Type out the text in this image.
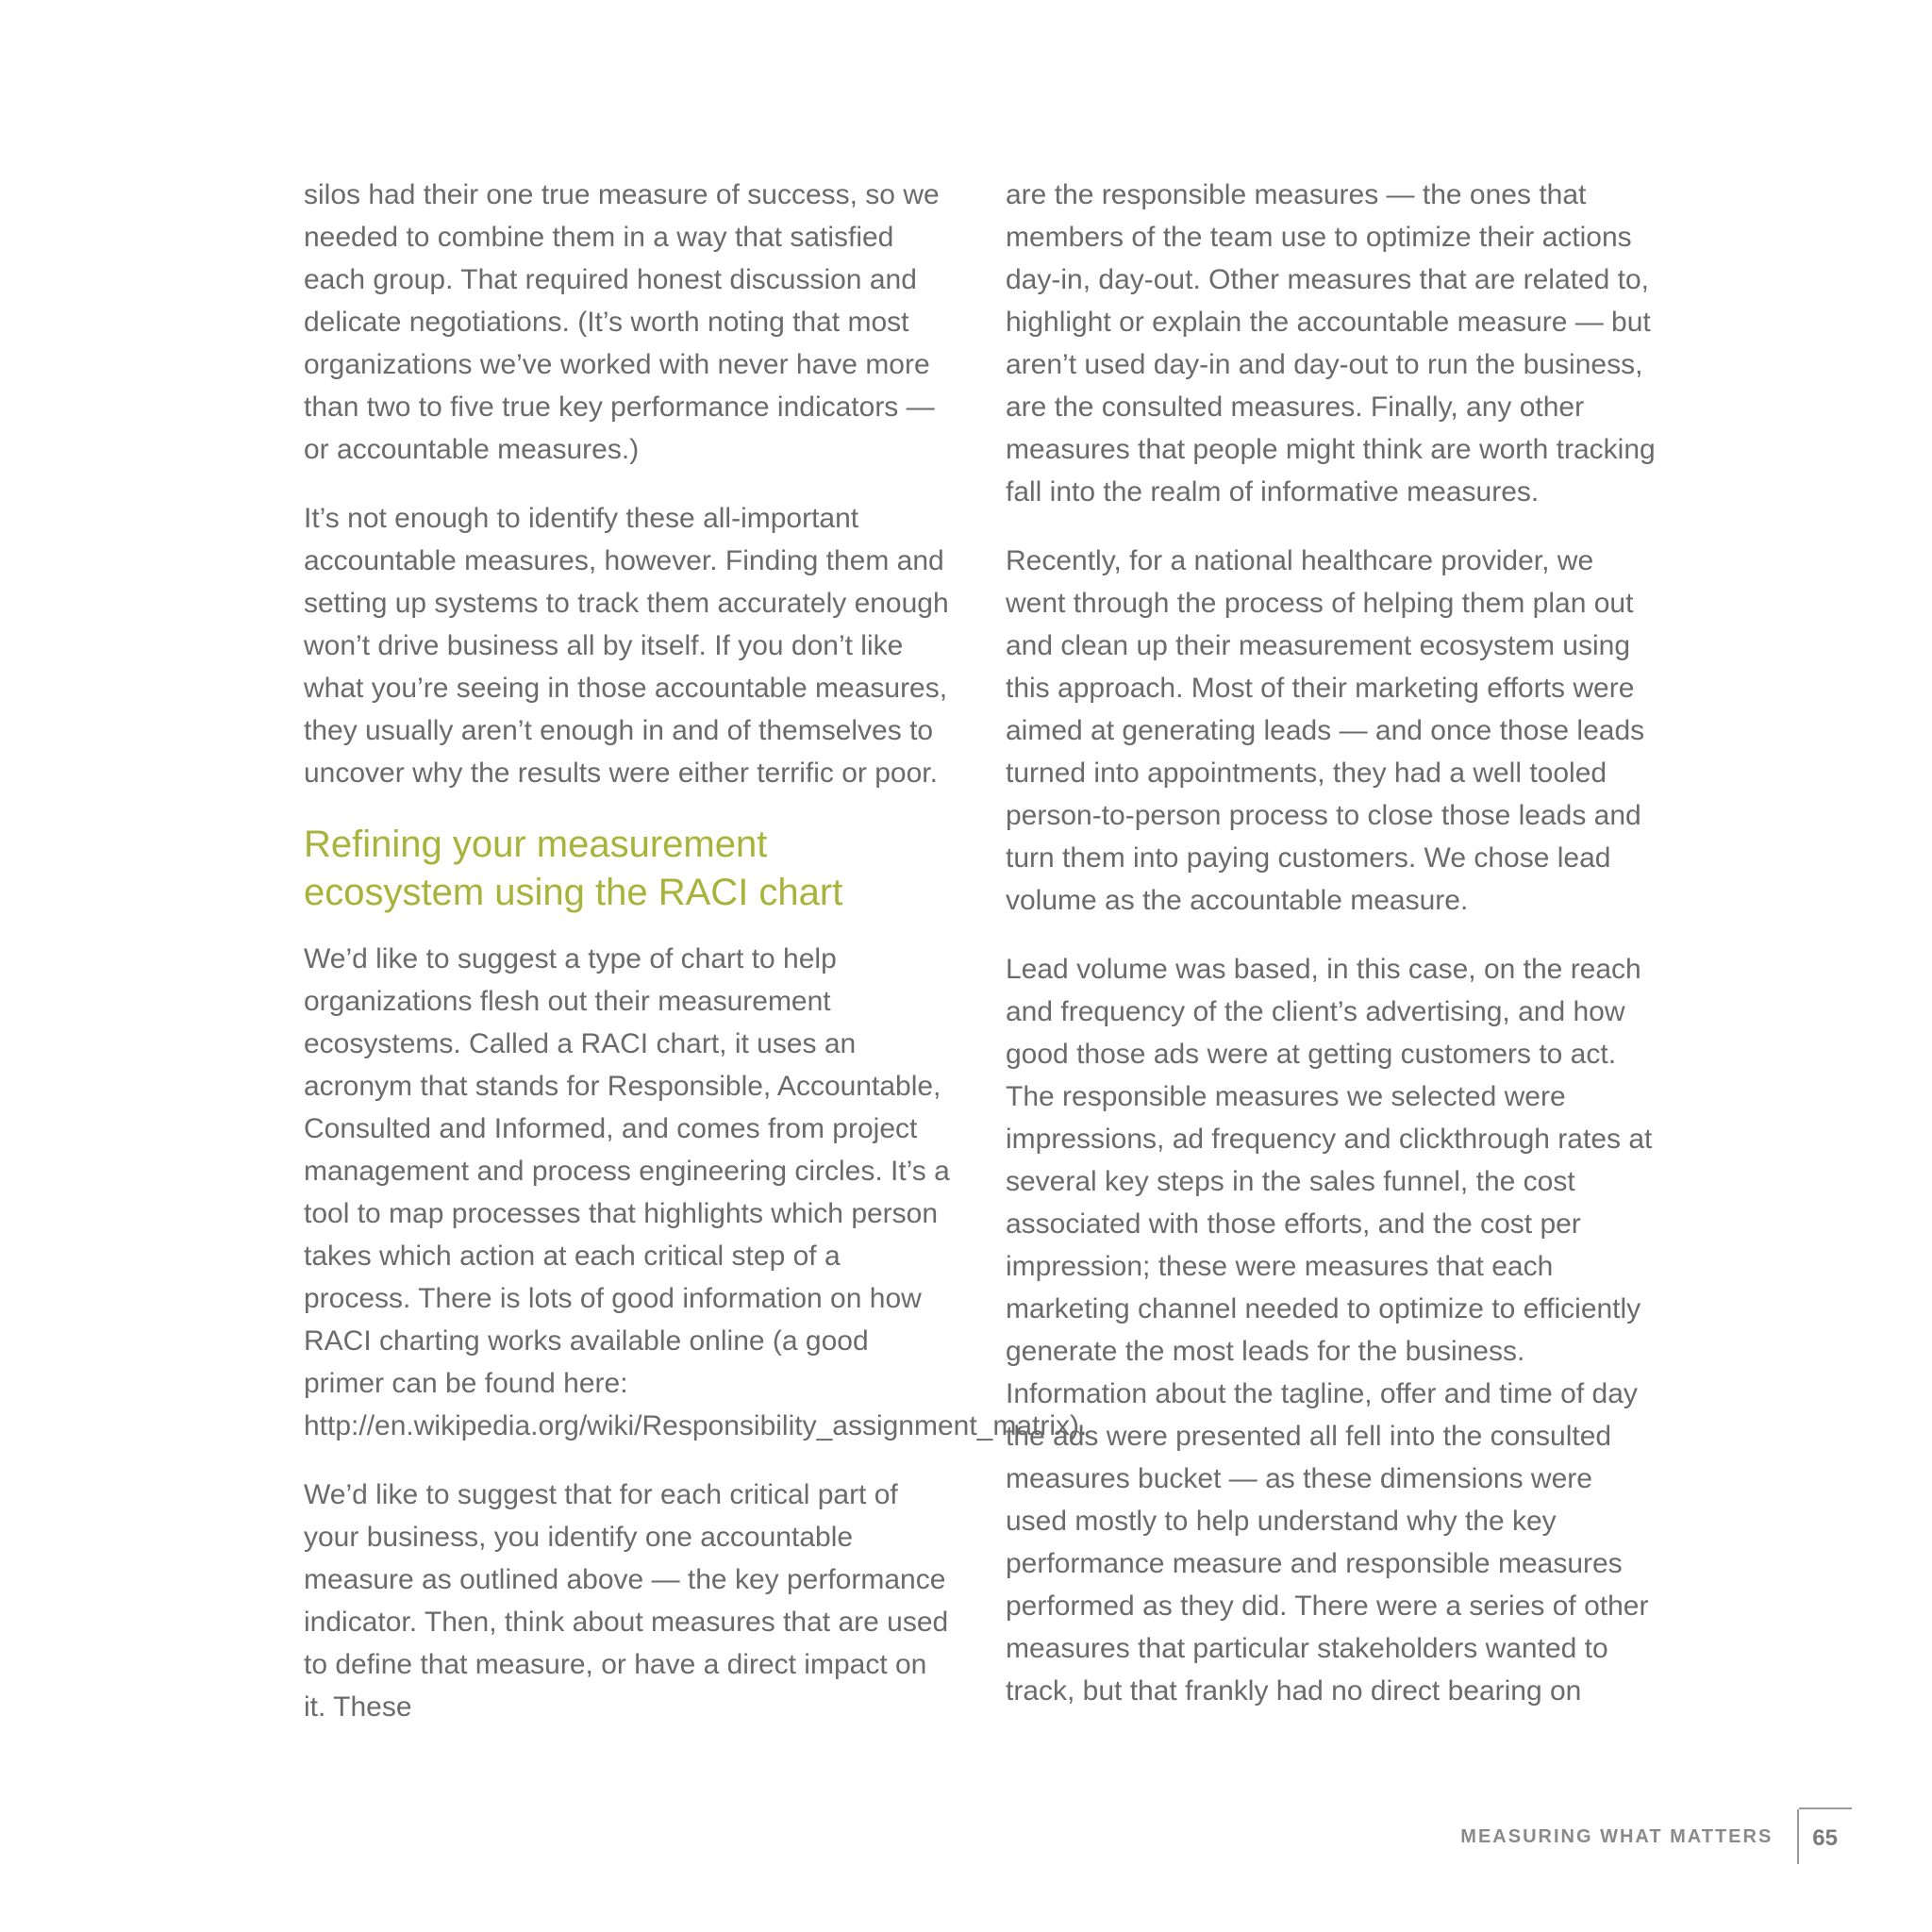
silos had their one true measure of success, so we needed to combine them in a way that satisfied each group. That required honest discussion and delicate negotiations. (It’s worth noting that most organizations we’ve worked with never have more than two to five true key performance indicators — or accountable measures.)

It’s not enough to identify these all-important accountable measures, however. Finding them and setting up systems to track them accurately enough won’t drive business all by itself. If you don’t like what you’re seeing in those accountable measures, they usually aren’t enough in and of themselves to uncover why the results were either terrific or poor.

Refining your measurement ecosystem using the RACI chart

We’d like to suggest a type of chart to help organizations flesh out their measurement ecosystems. Called a RACI chart, it uses an acronym that stands for Responsible, Accountable, Consulted and Informed, and comes from project management and process engineering circles. It’s a tool to map processes that highlights which person takes which action at each critical step of a process. There is lots of good information on how RACI charting works available online (a good primer can be found here: http://en.wikipedia.org/wiki/Responsibility_assignment_matrix).

We’d like to suggest that for each critical part of your business, you identify one accountable measure as outlined above — the key performance indicator. Then, think about measures that are used to define that measure, or have a direct impact on it. These

are the responsible measures — the ones that members of the team use to optimize their actions day-in, day-out. Other measures that are related to, highlight or explain the accountable measure — but aren’t used day-in and day-out to run the business, are the consulted measures. Finally, any other measures that people might think are worth tracking fall into the realm of informative measures.

Recently, for a national healthcare provider, we went through the process of helping them plan out and clean up their measurement ecosystem using this approach. Most of their marketing efforts were aimed at generating leads — and once those leads turned into appointments, they had a well tooled person-to-person process to close those leads and turn them into paying customers. We chose lead volume as the accountable measure.

Lead volume was based, in this case, on the reach and frequency of the client’s advertising, and how good those ads were at getting customers to act. The responsible measures we selected were impressions, ad frequency and clickthrough rates at several key steps in the sales funnel, the cost associated with those efforts, and the cost per impression; these were measures that each marketing channel needed to optimize to efficiently generate the most leads for the business. Information about the tagline, offer and time of day the ads were presented all fell into the consulted measures bucket — as these dimensions were used mostly to help understand why the key performance measure and responsible measures performed as they did. There were a series of other measures that particular stakeholders wanted to track, but that frankly had no direct bearing on

MEASURING WHAT MATTERS 65
